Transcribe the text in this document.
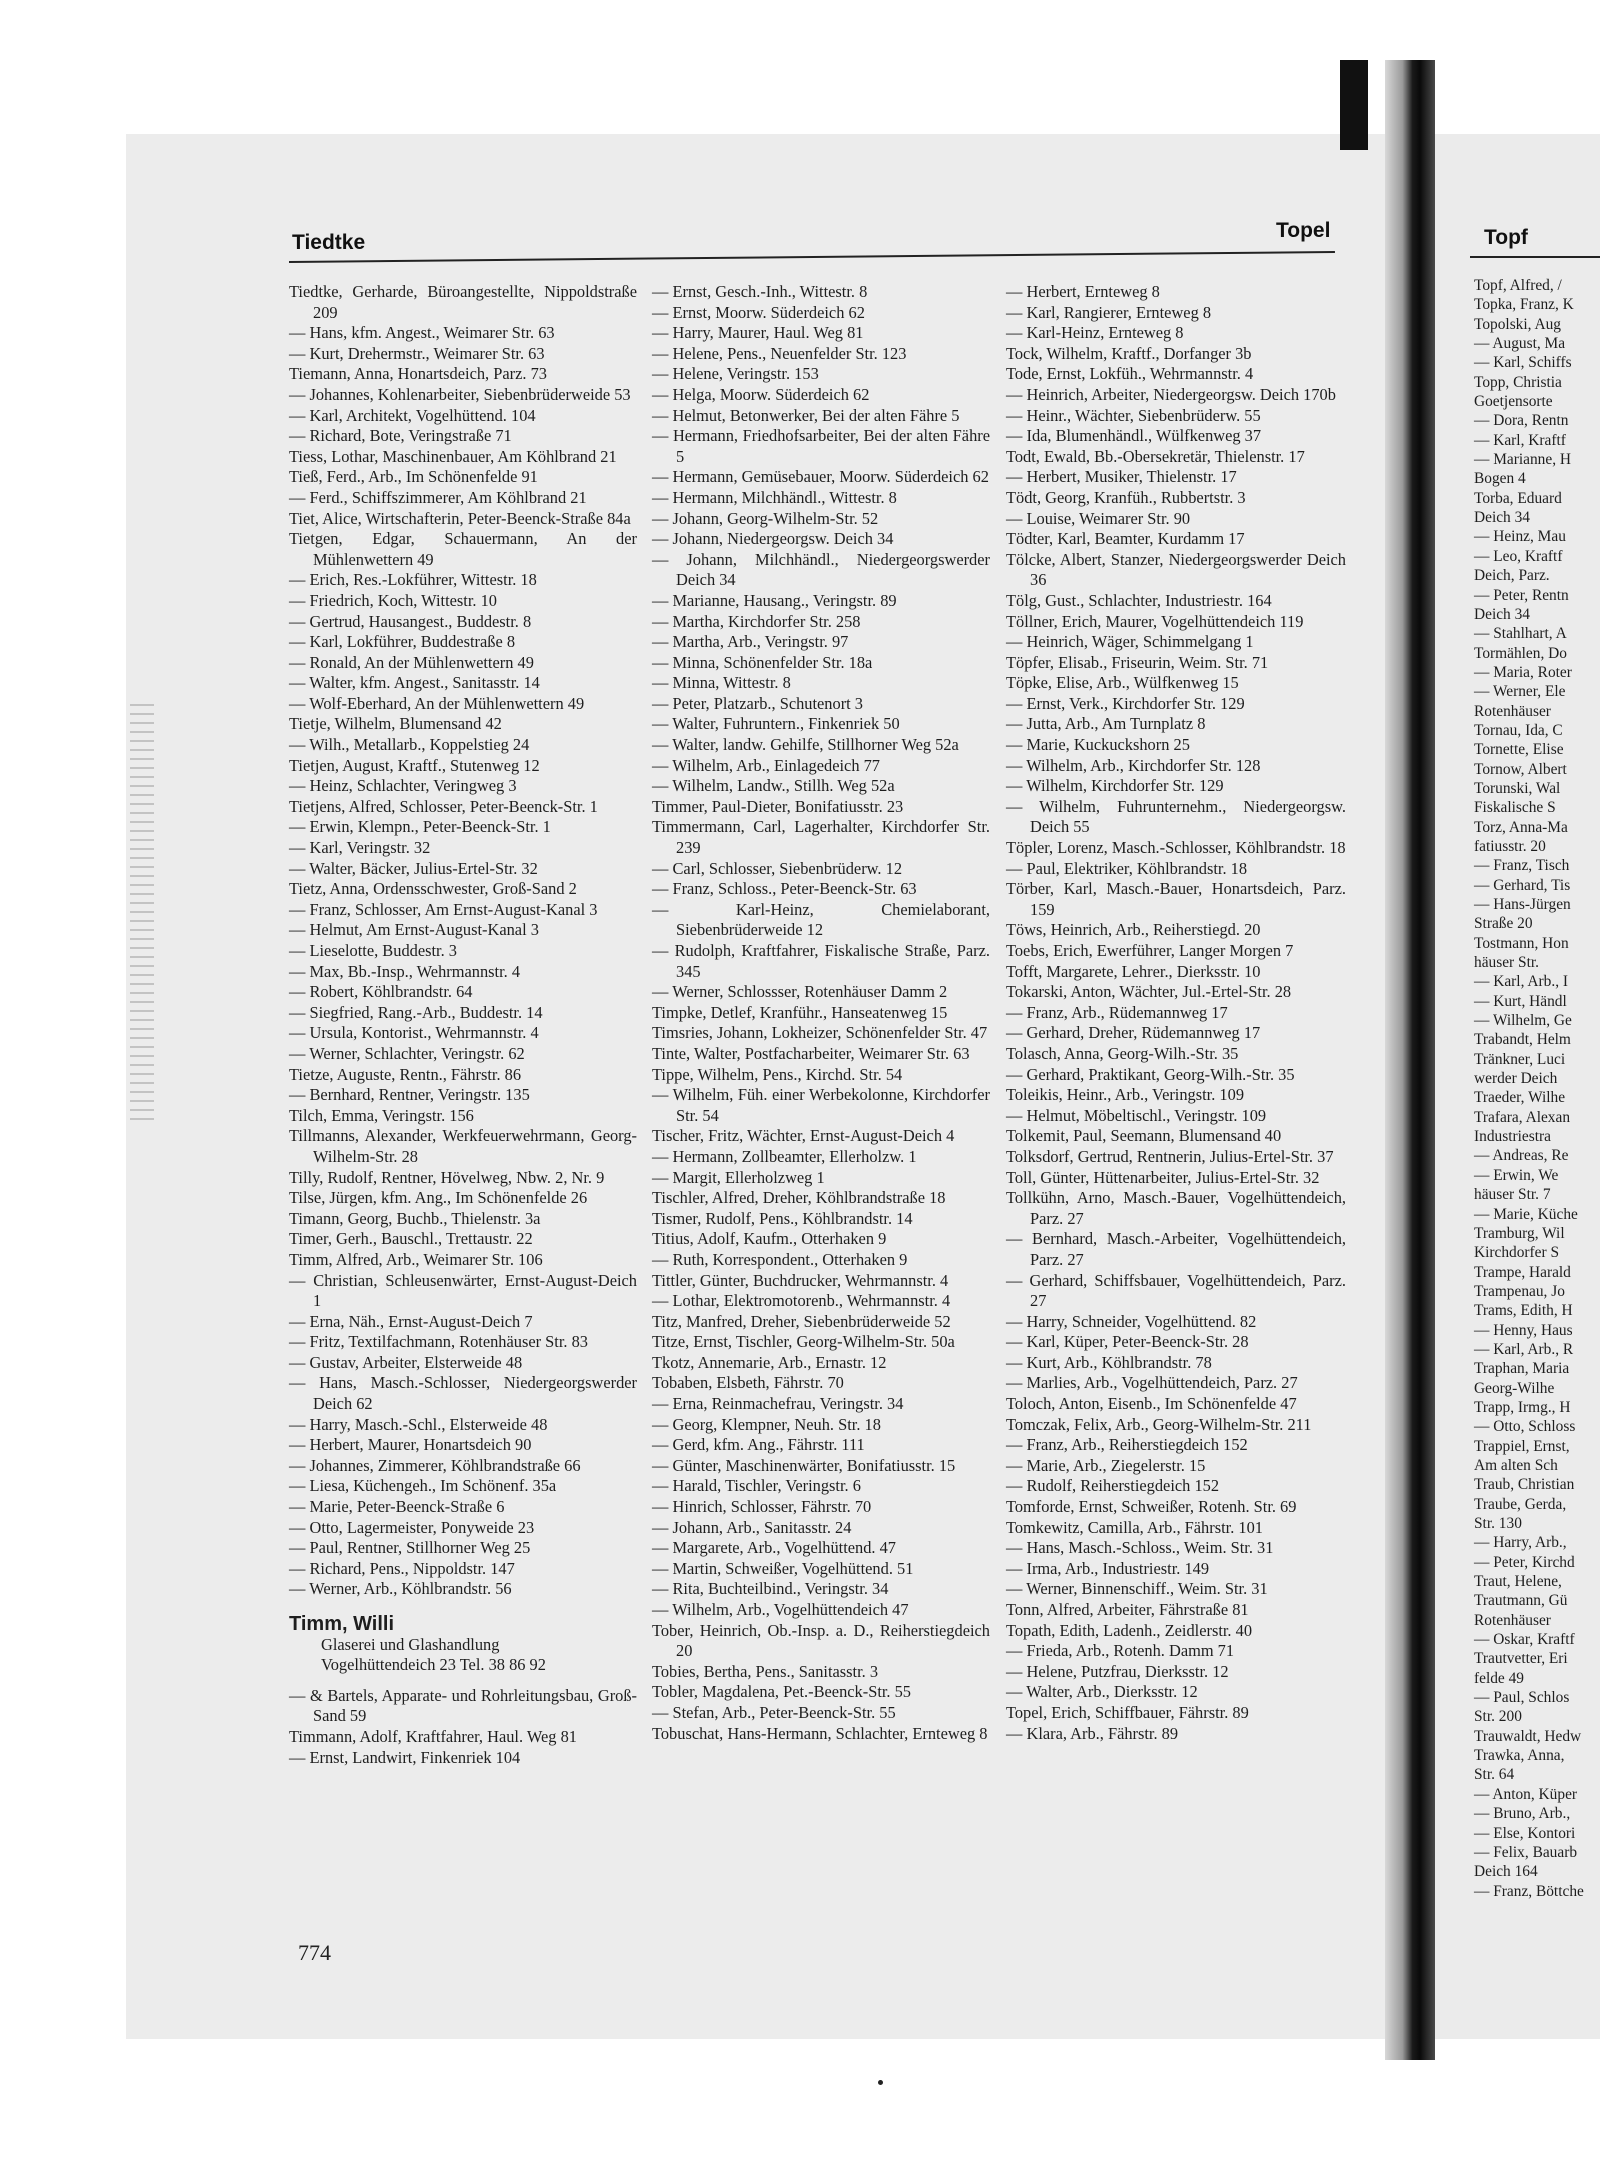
Tiedtke
Topel	Topf

Tiedtke, Gerharde, Büroangestellte, Nippoldstraße 209

— Hans, kfm. Angest., Weimarer Str. 63

— Kurt, Drehermstr., Weimarer Str. 63

Tiemann, Anna, Honartsdeich, Parz. 73

— Johannes, Kohlenarbeiter, Siebenbrüderweide 53

— Karl, Architekt, Vogelhüttend. 104

— Richard, Bote, Veringstraße 71

Tiess, Lothar, Maschinenbauer, Am Köhlbrand 21

Tieß, Ferd., Arb., Im Schönenfelde 91

— Ferd., Schiffszimmerer, Am Köhlbrand 21

Tiet, Alice, Wirtschafterin, Peter-Beenck-Straße 84a

Tietgen, Edgar, Schauermann, An der Mühlenwettern 49

— Erich, Res.-Lokführer, Wittestr. 18

— Friedrich, Koch, Wittestr. 10

— Gertrud, Hausangest., Buddestr. 8

— Karl, Lokführer, Buddestraße 8

— Ronald, An der Mühlenwettern 49

— Walter, kfm. Angest., Sanitasstr. 14

— Wolf-Eberhard, An der Mühlenwettern 49

Tietje, Wilhelm, Blumensand 42

— Wilh., Metallarb., Koppelstieg 24

Tietjen, August, Kraftf., Stutenweg 12

— Heinz, Schlachter, Veringweg 3

Tietjens, Alfred, Schlosser, Peter-Beenck-Str. 1

— Erwin, Klempn., Peter-Beenck-Str. 1

— Karl, Veringstr. 32

— Walter, Bäcker, Julius-Ertel-Str. 32

Tietz, Anna, Ordensschwester, Groß-Sand 2

— Franz, Schlosser, Am Ernst-August-Kanal 3

— Helmut, Am Ernst-August-Kanal 3

— Lieselotte, Buddestr. 3

— Max, Bb.-Insp., Wehrmannstr. 4

— Robert, Köhlbrandstr. 64

— Siegfried, Rang.-Arb., Buddestr. 14

— Ursula, Kontorist., Wehrmannstr. 4

— Werner, Schlachter, Veringstr. 62

Tietze, Auguste, Rentn., Fährstr. 86

— Bernhard, Rentner, Veringstr. 135

Tilch, Emma, Veringstr. 156

Tillmanns, Alexander, Werkfeuerwehrmann, Georg-Wilhelm-Str. 28

Tilly, Rudolf, Rentner, Hövelweg, Nbw. 2, Nr. 9

Tilse, Jürgen, kfm. Ang., Im Schönenfelde 26

Timann, Georg, Buchb., Thielenstr. 3a

Timer, Gerh., Bauschl., Trettaustr. 22

Timm, Alfred, Arb., Weimarer Str. 106

— Christian, Schleusenwärter, Ernst-August-Deich 1

— Erna, Näh., Ernst-August-Deich 7

— Fritz, Textilfachmann, Rotenhäuser Str. 83

— Gustav, Arbeiter, Elsterweide 48

— Hans, Masch.-Schlosser, Niedergeorgswerder Deich 62

— Harry, Masch.-Schl., Elsterweide 48

— Herbert, Maurer, Honartsdeich 90

— Johannes, Zimmerer, Köhlbrandstraße 66

— Liesa, Küchengeh., Im Schönenf. 35a

— Marie, Peter-Beenck-Straße 6

— Otto, Lagermeister, Ponyweide 23

— Paul, Rentner, Stillhorner Weg 25

— Richard, Pens., Nippoldstr. 147

— Werner, Arb., Köhlbrandstr. 56

Timm, Willi

Glaserei und Glashandlung

Vogelhüttendeich 23 Tel. 38 86 92

— & Bartels, Apparate- und Rohrleitungsbau, Groß-Sand 59

Timmann, Adolf, Kraftfahrer, Haul. Weg 81

— Ernst, Landwirt, Finkenriek 104

— Ernst, Gesch.-Inh., Wittestr. 8

— Ernst, Moorw. Süderdeich 62

— Harry, Maurer, Haul. Weg 81

— Helene, Pens., Neuenfelder Str. 123

— Helene, Veringstr. 153

— Helga, Moorw. Süderdeich 62

— Helmut, Betonwerker, Bei der alten Fähre 5

— Hermann, Friedhofsarbeiter, Bei der alten Fähre 5

— Hermann, Gemüsebauer, Moorw. Süderdeich 62

— Hermann, Milchhändl., Wittestr. 8

— Johann, Georg-Wilhelm-Str. 52

— Johann, Niedergeorgsw. Deich 34

— Johann, Milchhändl., Niedergeorgswerder Deich 34

— Marianne, Hausang., Veringstr. 89

— Martha, Kirchdorfer Str. 258

— Martha, Arb., Veringstr. 97

— Minna, Schönenfelder Str. 18a

— Minna, Wittestr. 8

— Peter, Platzarb., Schutenort 3

— Walter, Fuhruntern., Finkenriek 50

— Walter, landw. Gehilfe, Stillhorner Weg 52a

— Wilhelm, Arb., Einlagedeich 77

— Wilhelm, Landw., Stillh. Weg 52a

Timmer, Paul-Dieter, Bonifatiusstr. 23

Timmermann, Carl, Lagerhalter, Kirchdorfer Str. 239

— Carl, Schlosser, Siebenbrüderw. 12

— Franz, Schloss., Peter-Beenck-Str. 63

— Karl-Heinz, Chemielaborant, Siebenbrüderweide 12

— Rudolph, Kraftfahrer, Fiskalische Straße, Parz. 345

— Werner, Schlossser, Rotenhäuser Damm 2

Timpke, Detlef, Kranführ., Hanseatenweg 15

Timsries, Johann, Lokheizer, Schönenfelder Str. 47

Tinte, Walter, Postfacharbeiter, Weimarer Str. 63

Tippe, Wilhelm, Pens., Kirchd. Str. 54

— Wilhelm, Füh. einer Werbekolonne, Kirchdorfer Str. 54

Tischer, Fritz, Wächter, Ernst-August-Deich 4

— Hermann, Zollbeamter, Ellerholzw. 1

— Margit, Ellerholzweg 1

Tischler, Alfred, Dreher, Köhlbrandstraße 18

Tismer, Rudolf, Pens., Köhlbrandstr. 14

Titius, Adolf, Kaufm., Otterhaken 9

— Ruth, Korrespondent., Otterhaken 9

Tittler, Günter, Buchdrucker, Wehrmannstr. 4

— Lothar, Elektromotorenb., Wehrmannstr. 4

Titz, Manfred, Dreher, Siebenbrüderweide 52

Titze, Ernst, Tischler, Georg-Wilhelm-Str. 50a

Tkotz, Annemarie, Arb., Ernastr. 12

Tobaben, Elsbeth, Fährstr. 70

— Erna, Reinmachefrau, Veringstr. 34

— Georg, Klempner, Neuh. Str. 18

— Gerd, kfm. Ang., Fährstr. 111

— Günter, Maschinenwärter, Bonifatiusstr. 15

— Harald, Tischler, Veringstr. 6

— Hinrich, Schlosser, Fährstr. 70

— Johann, Arb., Sanitasstr. 24

— Margarete, Arb., Vogelhüttend. 47

— Martin, Schweißer, Vogelhüttend. 51

— Rita, Buchteilbind., Veringstr. 34

— Wilhelm, Arb., Vogelhüttendeich 47

Tober, Heinrich, Ob.-Insp. a. D., Reiherstiegdeich 20

Tobies, Bertha, Pens., Sanitasstr. 3

Tobler, Magdalena, Pet.-Beenck-Str. 55

— Stefan, Arb., Peter-Beenck-Str. 55

Tobuschat, Hans-Hermann, Schlachter, Ernteweg 8

— Herbert, Ernteweg 8

— Karl, Rangierer, Ernteweg 8

— Karl-Heinz, Ernteweg 8

Tock, Wilhelm, Kraftf., Dorfanger 3b

Tode, Ernst, Lokfüh., Wehrmannstr. 4

— Heinrich, Arbeiter, Niedergeorgsw. Deich 170b

— Heinr., Wächter, Siebenbrüderw. 55

— Ida, Blumenhändl., Wülfkenweg 37

Todt, Ewald, Bb.-Obersekretär, Thielenstr. 17

— Herbert, Musiker, Thielenstr. 17

Tödt, Georg, Kranfüh., Rubbertstr. 3

— Louise, Weimarer Str. 90

Tödter, Karl, Beamter, Kurdamm 17

Tölcke, Albert, Stanzer, Niedergeorgswerder Deich 36

Tölg, Gust., Schlachter, Industriestr. 164

Töllner, Erich, Maurer, Vogelhüttendeich 119

— Heinrich, Wäger, Schimmelgang 1

Töpfer, Elisab., Friseurin, Weim. Str. 71

Töpke, Elise, Arb., Wülfkenweg 15

— Ernst, Verk., Kirchdorfer Str. 129

— Jutta, Arb., Am Turnplatz 8

— Marie, Kuckuckshorn 25

— Wilhelm, Arb., Kirchdorfer Str. 128

— Wilhelm, Kirchdorfer Str. 129

— Wilhelm, Fuhrunternehm., Niedergeorgsw. Deich 55

Töpler, Lorenz, Masch.-Schlosser, Köhlbrandstr. 18

— Paul, Elektriker, Köhlbrandstr. 18

Törber, Karl, Masch.-Bauer, Honartsdeich, Parz. 159

Töws, Heinrich, Arb., Reiherstiegd. 20

Toebs, Erich, Ewerführer, Langer Morgen 7

Tofft, Margarete, Lehrer., Dierksstr. 10

Tokarski, Anton, Wächter, Jul.-Ertel-Str. 28

— Franz, Arb., Rüdemannweg 17

— Gerhard, Dreher, Rüdemannweg 17

Tolasch, Anna, Georg-Wilh.-Str. 35

— Gerhard, Praktikant, Georg-Wilh.-Str. 35

Toleikis, Heinr., Arb., Veringstr. 109

— Helmut, Möbeltischl., Veringstr. 109

Tolkemit, Paul, Seemann, Blumensand 40

Tolksdorf, Gertrud, Rentnerin, Julius-Ertel-Str. 37

Toll, Günter, Hüttenarbeiter, Julius-Ertel-Str. 32

Tollkühn, Arno, Masch.-Bauer, Vogelhüttendeich, Parz. 27

— Bernhard, Masch.-Arbeiter, Vogelhüttendeich, Parz. 27

— Gerhard, Schiffsbauer, Vogelhüttendeich, Parz. 27

— Harry, Schneider, Vogelhüttend. 82

— Karl, Küper, Peter-Beenck-Str. 28

— Kurt, Arb., Köhlbrandstr. 78

— Marlies, Arb., Vogelhüttendeich, Parz. 27

Toloch, Anton, Eisenb., Im Schönenfelde 47

Tomczak, Felix, Arb., Georg-Wilhelm-Str. 211

— Franz, Arb., Reiherstiegdeich 152

— Marie, Arb., Ziegelerstr. 15

— Rudolf, Reiherstiegdeich 152

Tomforde, Ernst, Schweißer, Rotenh. Str. 69

Tomkewitz, Camilla, Arb., Fährstr. 101

— Hans, Masch.-Schloss., Weim. Str. 31

— Irma, Arb., Industriestr. 149

— Werner, Binnenschiff., Weim. Str. 31

Tonn, Alfred, Arbeiter, Fährstraße 81

Topath, Edith, Ladenh., Zeidlerstr. 40

— Frieda, Arb., Rotenh. Damm 71

— Helene, Putzfrau, Dierksstr. 12

— Walter, Arb., Dierksstr. 12

Topel, Erich, Schiffbauer, Fährstr. 89

— Klara, Arb., Fährstr. 89

Topf, Alfred, /

Topka, Franz, K

Topolski, Aug

— August, Ma

— Karl, Schiffs

Topp, Christia

Goetjensorte

— Dora, Rentn

— Karl, Kraftf

— Marianne, H

Bogen 4

Torba, Eduard

Deich 34

— Heinz, Mau

— Leo, Kraftf

Deich, Parz.

— Peter, Rentn

Deich 34

— Stahlhart, A

Tormählen, Do

— Maria, Roter

— Werner, Ele

Rotenhäuser

Tornau, Ida, C

Tornette, Elise

Tornow, Albert

Torunski, Wal

Fiskalische S

Torz, Anna-Ma

fatiusstr. 20

— Franz, Tisch

— Gerhard, Tis

— Hans-Jürgen

Straße 20

Tostmann, Hon

häuser Str.

— Karl, Arb., I

— Kurt, Händl

— Wilhelm, Ge

Trabandt, Helm

Tränkner, Luci

werder Deich

Traeder, Wilhe

Trafara, Alexan

Industriestra

— Andreas, Re

— Erwin, We

häuser Str. 7

— Marie, Küche

Tramburg, Wil

Kirchdorfer S

Trampe, Harald

Trampenau, Jo

Trams, Edith, H

— Henny, Haus

— Karl, Arb., R

Traphan, Maria

Georg-Wilhe

Trapp, Irmg., H

— Otto, Schloss

Trappiel, Ernst,

Am alten Sch

Traub, Christian

Traube, Gerda,

Str. 130

— Harry, Arb.,

— Peter, Kirchd

Traut, Helene,

Trautmann, Gü

Rotenhäuser

— Oskar, Kraftf

Trautvetter, Eri

felde 49

— Paul, Schlos

Str. 200

Trauwaldt, Hedw

Trawka, Anna,

Str. 64

— Anton, Küper

— Bruno, Arb.,

— Else, Kontori

— Felix, Bauarb

Deich 164

— Franz, Böttche

774
